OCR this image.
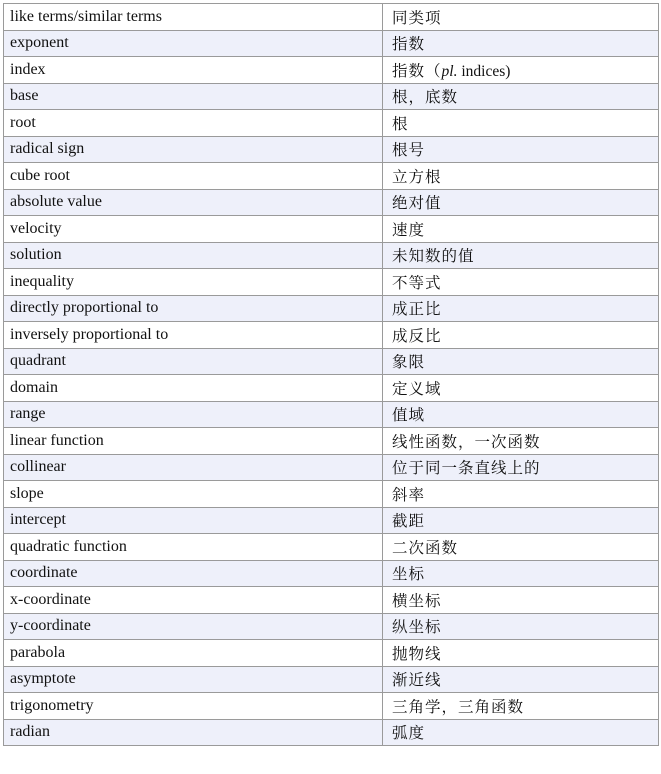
like terms/similar terms	同类项
exponent	指数
index	指数（pl. indices)
base	根，底数
root	根
radical sign	根号
cube root	立方根
absolute value	绝对值
velocity	速度
solution	未知数的值
inequality	不等式
directly proportional to	成正比
inversely proportional to	成反比
quadrant	象限
domain	定义域
range	值域
linear function	线性函数，一次函数
collinear	位于同一条直线上的
slope	斜率
intercept	截距
quadratic function	二次函数
coordinate	坐标
x-coordinate	横坐标
y-coordinate	纵坐标
parabola	抛物线
asymptote	渐近线
trigonometry	三角学，三角函数
radian	弧度
